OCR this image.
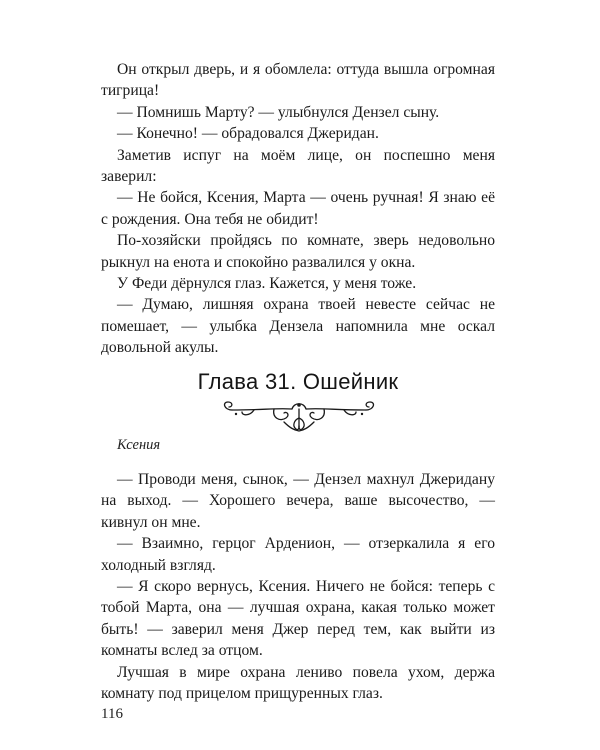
Он открыл дверь, и я обомлела: оттуда вышла огромная тигрица!

— Помнишь Марту? — улыбнулся Дензел сыну.

— Конечно! — обрадовался Джеридан.

Заметив испуг на моём лице, он поспешно меня заверил:

— Не бойся, Ксения, Марта — очень ручная! Я знаю её с рождения. Она тебя не обидит!

По-хозяйски пройдясь по комнате, зверь недовольно рыкнул на енота и спокойно развалился у окна.

У Феди дёрнулся глаз. Кажется, у меня тоже.

— Думаю, лишняя охрана твоей невесте сейчас не помешает, — улыбка Дензела напомнила мне оскал довольной акулы.

Глава 31. Ошейник
Ксения

— Проводи меня, сынок, — Дензел махнул Джеридану на выход. — Хорошего вечера, ваше высочество, — кивнул он мне.

— Взаимно, герцог Арденион, — отзеркалила я его холодный взгляд.

— Я скоро вернусь, Ксения. Ничего не бойся: теперь с тобой Марта, она — лучшая охрана, какая только может быть! — заверил меня Джер перед тем, как выйти из комнаты вслед за отцом.

Лучшая в мире охрана лениво повела ухом, держа комнату под прицелом прищуренных глаз.

116
